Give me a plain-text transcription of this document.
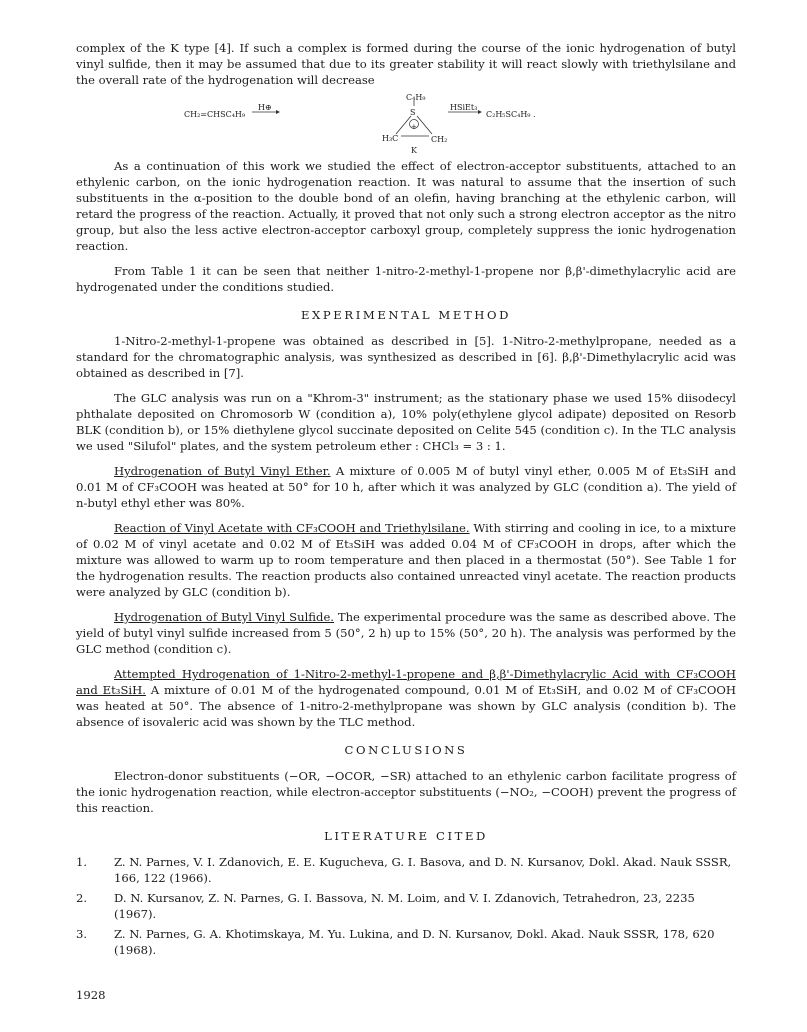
complex of the K type [4]. If such a complex is formed during the course of the ionic hydrogenation of butyl vinyl sulfide, then it may be assumed that due to its greater stability it will react slowly with triethylsilane and the overall rate of the hydrogenation will decrease

CH₂=CHSC₄H₉
H⊕
C₄H₉
S
+
H₃C	CH₂
HSiEt₃
C₂H₅SC₄H₉ .
K

As a continuation of this work we studied the effect of electron-acceptor substituents, attached to an ethylenic carbon, on the ionic hydrogenation reaction. It was natural to assume that the insertion of such substituents in the α-position to the double bond of an olefin, having branching at the ethylenic carbon, will retard the progress of the reaction. Actually, it proved that not only such a strong electron acceptor as the nitro group, but also the less active electron-acceptor carboxyl group, completely suppress the ionic hydrogenation reaction.

From Table 1 it can be seen that neither 1-nitro-2-methyl-1-propene nor β,β'-dimethylacrylic acid are hydrogenated under the conditions studied.

EXPERIMENTAL METHOD

1-Nitro-2-methyl-1-propene was obtained as described in [5]. 1-Nitro-2-methylpropane, needed as a standard for the chromatographic analysis, was synthesized as described in [6]. β,β'-Dimethylacrylic acid was obtained as described in [7].

The GLC analysis was run on a "Khrom-3" instrument; as the stationary phase we used 15% diisodecyl phthalate deposited on Chromosorb W (condition a), 10% poly(ethylene glycol adipate) deposited on Resorb BLK (condition b), or 15% diethylene glycol succinate deposited on Celite 545 (condition c). In the TLC analysis we used "Silufol" plates, and the system petroleum ether : CHCl₃ = 3 : 1.

Hydrogenation of Butyl Vinyl Ether. A mixture of 0.005 M of butyl vinyl ether, 0.005 M of Et₃SiH and 0.01 M of CF₃COOH was heated at 50° for 10 h, after which it was analyzed by GLC (condition a). The yield of n-butyl ethyl ether was 80%.

Reaction of Vinyl Acetate with CF₃COOH and Triethylsilane. With stirring and cooling in ice, to a mixture of 0.02 M of vinyl acetate and 0.02 M of Et₃SiH was added 0.04 M of CF₃COOH in drops, after which the mixture was allowed to warm up to room temperature and then placed in a thermostat (50°). See Table 1 for the hydrogenation results. The reaction products also contained unreacted vinyl acetate. The reaction products were analyzed by GLC (condition b).

Hydrogenation of Butyl Vinyl Sulfide. The experimental procedure was the same as described above. The yield of butyl vinyl sulfide increased from 5 (50°, 2 h) up to 15% (50°, 20 h). The analysis was performed by the GLC method (condition c).

Attempted Hydrogenation of 1-Nitro-2-methyl-1-propene and β,β'-Dimethylacrylic Acid with CF₃COOH and Et₃SiH. A mixture of 0.01 M of the hydrogenated compound, 0.01 M of Et₃SiH, and 0.02 M of CF₃COOH was heated at 50°. The absence of 1-nitro-2-methylpropane was shown by GLC analysis (condition b). The absence of isovaleric acid was shown by the TLC method.

CONCLUSIONS

Electron-donor substituents (−OR, −OCOR, −SR) attached to an ethylenic carbon facilitate progress of the ionic hydrogenation reaction, while electron-acceptor substituents (−NO₂, −COOH) prevent the progress of this reaction.

LITERATURE CITED
1.	Z. N. Parnes, V. I. Zdanovich, E. E. Kugucheva, G. I. Basova, and D. N. Kursanov, Dokl. Akad. Nauk SSSR, 166, 122 (1966).
2.	D. N. Kursanov, Z. N. Parnes, G. I. Bassova, N. M. Loim, and V. I. Zdanovich, Tetrahedron, 23, 2235 (1967).
3.	Z. N. Parnes, G. A. Khotimskaya, M. Yu. Lukina, and D. N. Kursanov, Dokl. Akad. Nauk SSSR, 178, 620 (1968).
1928
